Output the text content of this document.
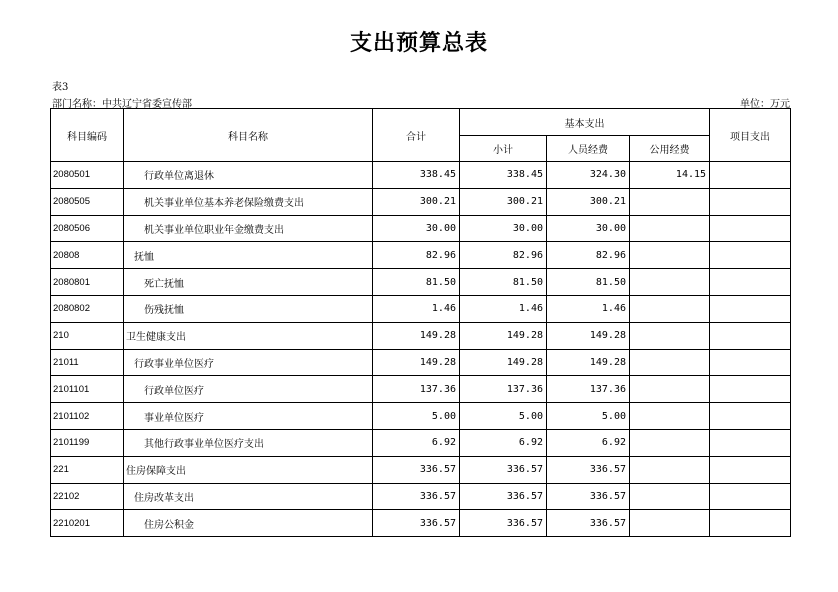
支出预算总表
表3
部门名称：中共辽宁省委宣传部	单位：万元
科目编码	科目名称	合计	基本支出			项目支出
			小计	人员经费	公用经费	
2080501	行政单位离退休	338.45	338.45	324.30	14.15	
2080505	机关事业单位基本养老保险缴费支出	300.21	300.21	300.21		
2080506	机关事业单位职业年金缴费支出	30.00	30.00	30.00		
20808	抚恤	82.96	82.96	82.96		
2080801	死亡抚恤	81.50	81.50	81.50		
2080802	伤残抚恤	1.46	1.46	1.46		
210	卫生健康支出	149.28	149.28	149.28		
21011	行政事业单位医疗	149.28	149.28	149.28		
2101101	行政单位医疗	137.36	137.36	137.36		
2101102	事业单位医疗	5.00	5.00	5.00		
2101199	其他行政事业单位医疗支出	6.92	6.92	6.92		
221	住房保障支出	336.57	336.57	336.57		
22102	住房改革支出	336.57	336.57	336.57		
2210201	住房公积金	336.57	336.57	336.57		
